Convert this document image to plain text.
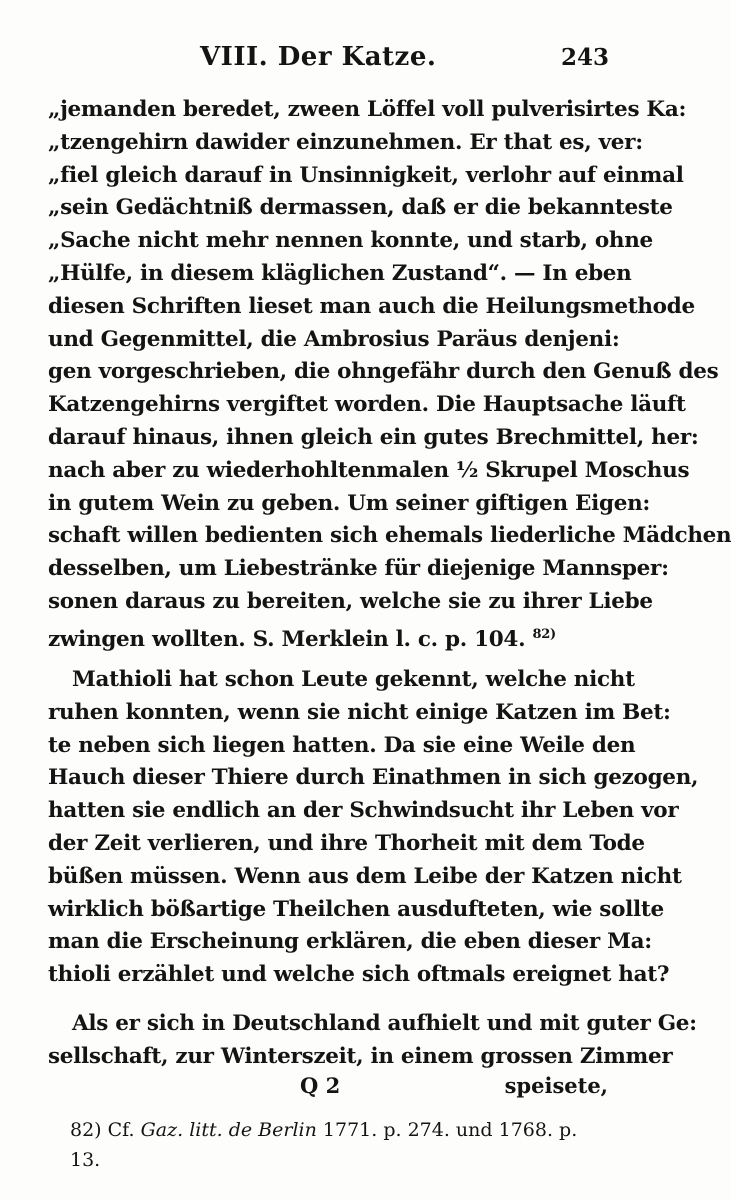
VIII. Der Katze.	243
„jemanden beredet, zween Löffel voll pulverisirtes Ka:
„tzengehirn dawider einzunehmen. Er that es, ver:
„fiel gleich darauf in Unsinnigkeit, verlohr auf einmal
„sein Gedächtniß dermassen, daß er die bekannteste
„Sache nicht mehr nennen konnte, und starb, ohne
„Hülfe, in diesem kläglichen Zustand“. — In eben
diesen Schriften lieset man auch die Heilungsmethode
und Gegenmittel, die Ambrosius Paräus denjeni:
gen vorgeschrieben, die ohngefähr durch den Genuß des
Katzengehirns vergiftet worden. Die Hauptsache läuft
darauf hinaus, ihnen gleich ein gutes Brechmittel, her:
nach aber zu wiederhohltenmalen ½ Skrupel Moschus
in gutem Wein zu geben. Um seiner giftigen Eigen:
schaft willen bedienten sich ehemals liederliche Mädchen
desselben, um Liebestränke für diejenige Mannsper:
sonen daraus zu bereiten, welche sie zu ihrer Liebe
zwingen wollten. S. Merklein l. c. p. 104. $^{82)}$
Mathioli hat schon Leute gekennt, welche nicht
ruhen konnten, wenn sie nicht einige Katzen im Bet:
te neben sich liegen hatten. Da sie eine Weile den
Hauch dieser Thiere durch Einathmen in sich gezogen,
hatten sie endlich an der Schwindsucht ihr Leben vor
der Zeit verlieren, und ihre Thorheit mit dem Tode
büßen müssen. Wenn aus dem Leibe der Katzen nicht
wirklich bößartige Theilchen ausdufteten, wie sollte
man die Erscheinung erklären, die eben dieser Ma:
thioli erzählet und welche sich oftmals ereignet hat?
Als er sich in Deutschland aufhielt und mit guter Ge:
sellschaft, zur Winterszeit, in einem grossen Zimmer
Q 2	speisete,
82) Cf. Gaz. litt. de Berlin 1771. p. 274. und 1768. p.
13.
